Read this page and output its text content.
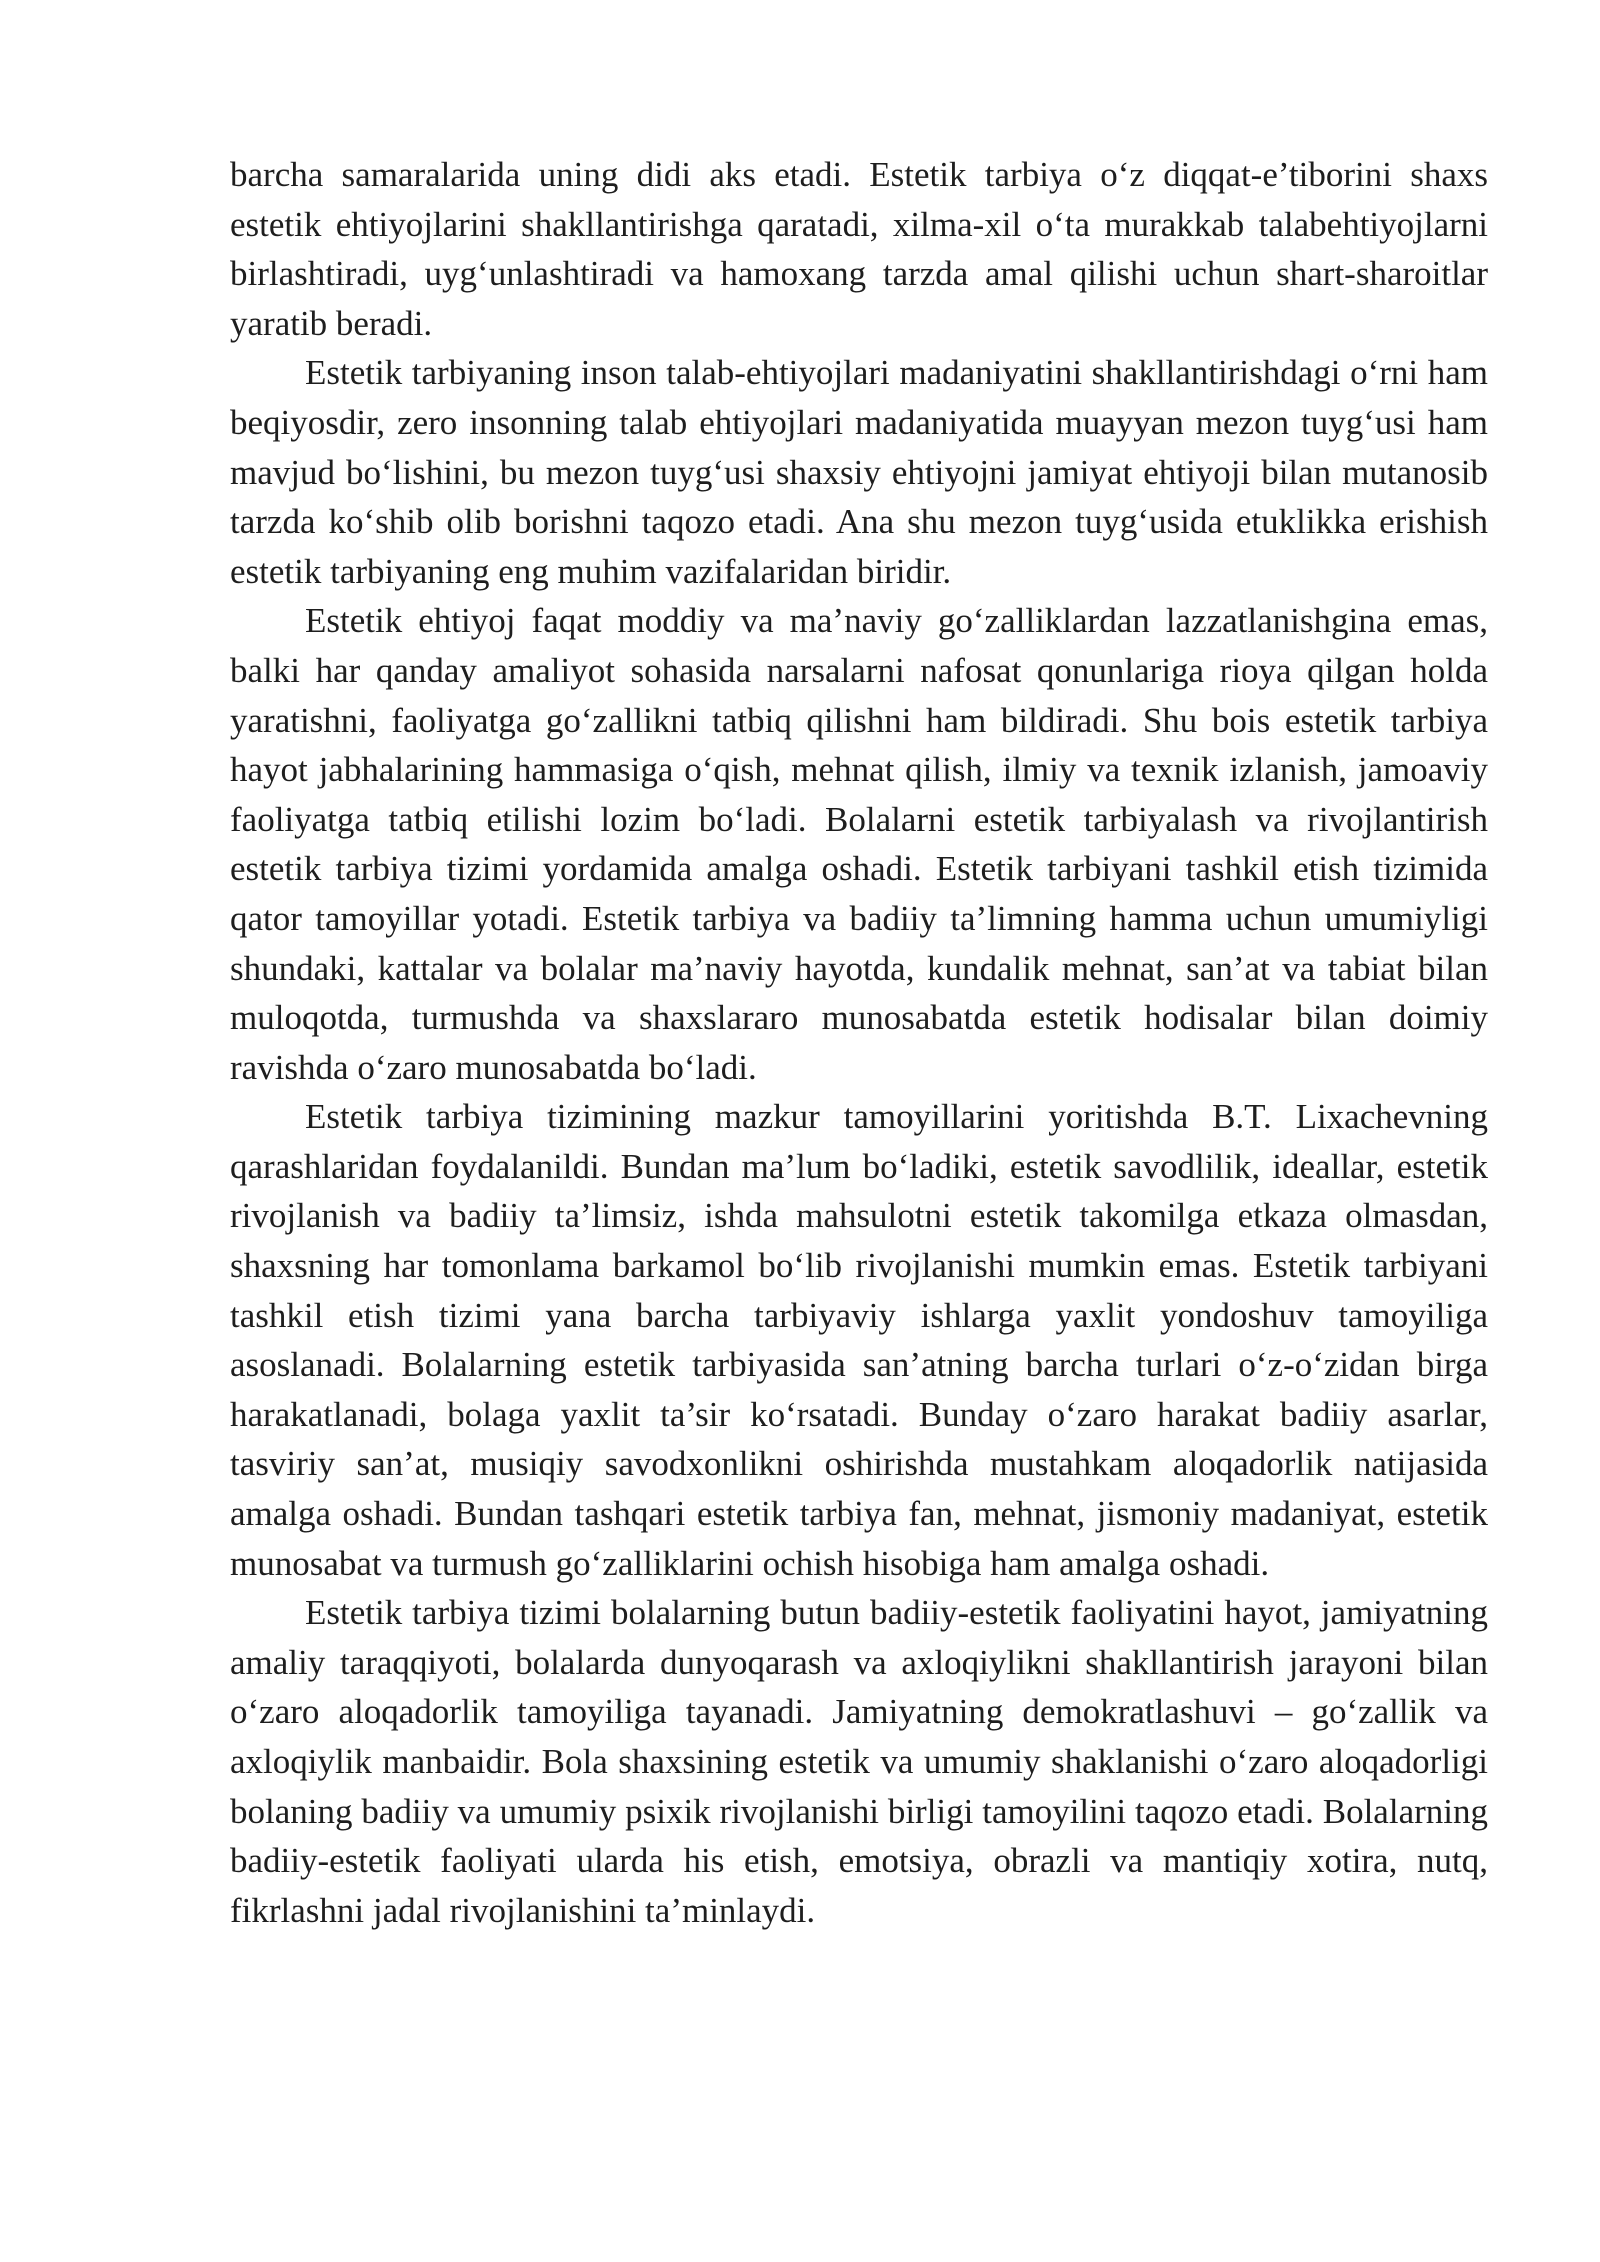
barcha samaralarida uning didi aks etadi. Estetik tarbiya o‘z diqqat-e’tiborini shaxs estetik ehtiyojlarini shakllantirishga qaratadi, xilma-xil o‘ta murakkab talabehtiyojlarni birlashtiradi, uyg‘unlashtiradi va hamoxang tarzda amal qilishi uchun shart-sharoitlar yaratib beradi.

Estetik tarbiyaning inson talab-ehtiyojlari madaniyatini shakllantirishdagi o‘rni ham beqiyosdir, zero insonning talab ehtiyojlari madaniyatida muayyan mezon tuyg‘usi ham mavjud bo‘lishini, bu mezon tuyg‘usi shaxsiy ehtiyojni jamiyat ehtiyoji bilan mutanosib tarzda ko‘shib olib borishni taqozo etadi. Ana shu mezon tuyg‘usida etuklikka erishish estetik tarbiyaning eng muhim vazifalaridan biridir.

Estetik ehtiyoj faqat moddiy va ma’naviy go‘zalliklardan lazzatlanishgina emas, balki har qanday amaliyot sohasida narsalarni nafosat qonunlariga rioya qilgan holda yaratishni, faoliyatga go‘zallikni tatbiq qilishni ham bildiradi. Shu bois estetik tarbiya hayot jabhalarining hammasiga o‘qish, mehnat qilish, ilmiy va texnik izlanish, jamoaviy faoliyatga tatbiq etilishi lozim bo‘ladi. Bolalarni estetik tarbiyalash va rivojlantirish estetik tarbiya tizimi yordamida amalga oshadi. Estetik tarbiyani tashkil etish tizimida qator tamoyillar yotadi. Estetik tarbiya va badiiy ta’limning hamma uchun umumiyligi shundaki, kattalar va bolalar ma’naviy hayotda, kundalik mehnat, san’at va tabiat bilan muloqotda, turmushda va shaxslararo munosabatda estetik hodisalar bilan doimiy ravishda o‘zaro munosabatda bo‘ladi.

Estetik tarbiya tizimining mazkur tamoyillarini yoritishda B.T. Lixachevning qarashlaridan foydalanildi. Bundan ma’lum bo‘ladiki, estetik savodlilik, ideallar, estetik rivojlanish va badiiy ta’limsiz, ishda mahsulotni estetik takomilga etkaza olmasdan, shaxsning har tomonlama barkamol bo‘lib rivojlanishi mumkin emas. Estetik tarbiyani tashkil etish tizimi yana barcha tarbiyaviy ishlarga yaxlit yondoshuv tamoyiliga asoslanadi. Bolalarning estetik tarbiyasida san’atning barcha turlari o‘z-o‘zidan birga harakatlanadi, bolaga yaxlit ta’sir ko‘rsatadi. Bunday o‘zaro harakat badiiy asarlar, tasviriy san’at, musiqiy savodxonlikni oshirishda mustahkam aloqadorlik natijasida amalga oshadi. Bundan tashqari estetik tarbiya fan, mehnat, jismoniy madaniyat, estetik munosabat va turmush go‘zalliklarini ochish hisobiga ham amalga oshadi.

Estetik tarbiya tizimi bolalarning butun badiiy-estetik faoliyatini hayot, jamiyatning amaliy taraqqiyoti, bolalarda dunyoqarash va axloqiylikni shakllantirish jarayoni bilan o‘zaro aloqadorlik tamoyiliga tayanadi. Jamiyatning demokratlashuvi – go‘zallik va axloqiylik manbaidir. Bola shaxsining estetik va umumiy shaklanishi o‘zaro aloqadorligi bolaning badiiy va umumiy psixik rivojlanishi birligi tamoyilini taqozo etadi. Bolalarning badiiy-estetik faoliyati ularda his etish, emotsiya, obrazli va mantiqiy xotira, nutq, fikrlashni jadal rivojlanishini ta’minlaydi.
